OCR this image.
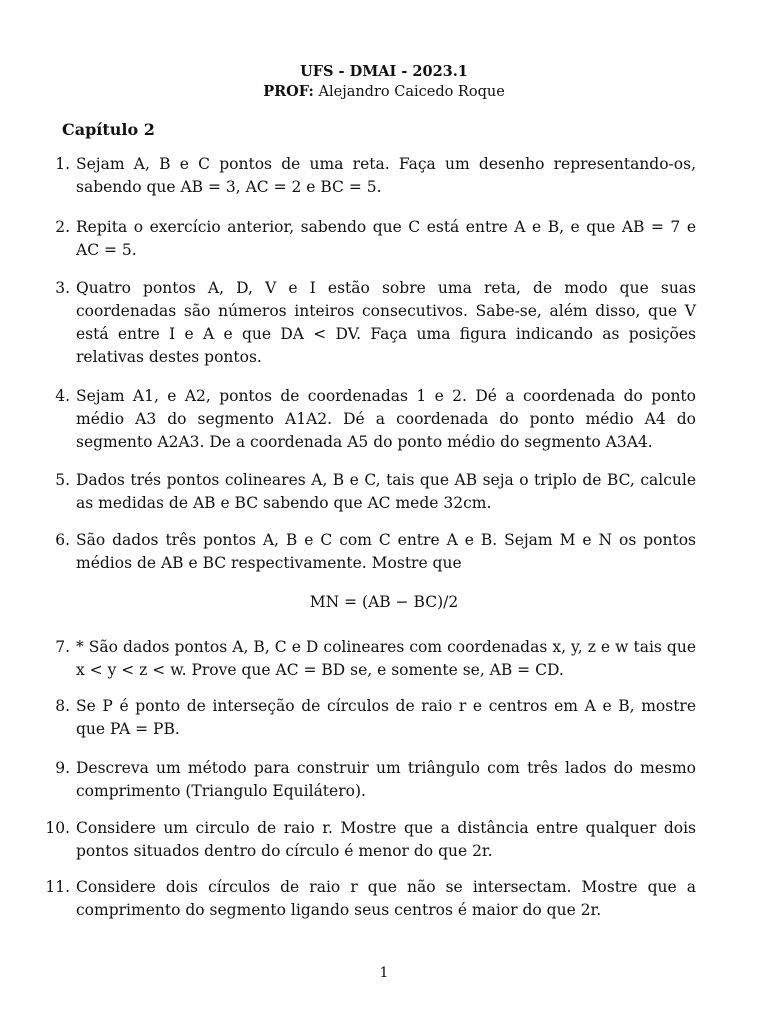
UFS - DMAI - 2023.1
PROF: Alejandro Caicedo Roque
Capítulo 2
1. Sejam A, B e C pontos de uma reta. Faça um desenho representando-os, sabendo que AB = 3, AC = 2 e BC = 5.
2. Repita o exercício anterior, sabendo que C está entre A e B, e que AB = 7 e AC = 5.
3. Quatro pontos A, D, V e I estão sobre uma reta, de modo que suas coordenadas são números inteiros consecutivos. Sabe-se, além disso, que V está entre I e A e que DA < DV. Faça uma figura indicando as posições relativas destes pontos.
4. Sejam A1, e A2, pontos de coordenadas 1 e 2. Dé a coordenada do ponto médio A3 do segmento A1A2. Dé a coordenada do ponto médio A4 do segmento A2A3. De a coordenada A5 do ponto médio do segmento A3A4.
5. Dados trés pontos colineares A, B e C, tais que AB seja o triplo de BC, calcule as medidas de AB e BC sabendo que AC mede 32cm.
6. São dados três pontos A, B e C com C entre A e B. Sejam M e N os pontos médios de AB e BC respectivamente. Mostre que
MN = (AB − BC)/2
7. * São dados pontos A, B, C e D colineares com coordenadas x, y, z e w tais que x < y < z < w. Prove que AC = BD se, e somente se, AB = CD.
8. Se P é ponto de interseção de círculos de raio r e centros em A e B, mostre que PA = PB.
9. Descreva um método para construir um triângulo com três lados do mesmo comprimento (Triangulo Equilátero).
10. Considere um circulo de raio r. Mostre que a distância entre qualquer dois pontos situados dentro do círculo é menor do que 2r.
11. Considere dois círculos de raio r que não se intersectam. Mostre que a comprimento do segmento ligando seus centros é maior do que 2r.
1
